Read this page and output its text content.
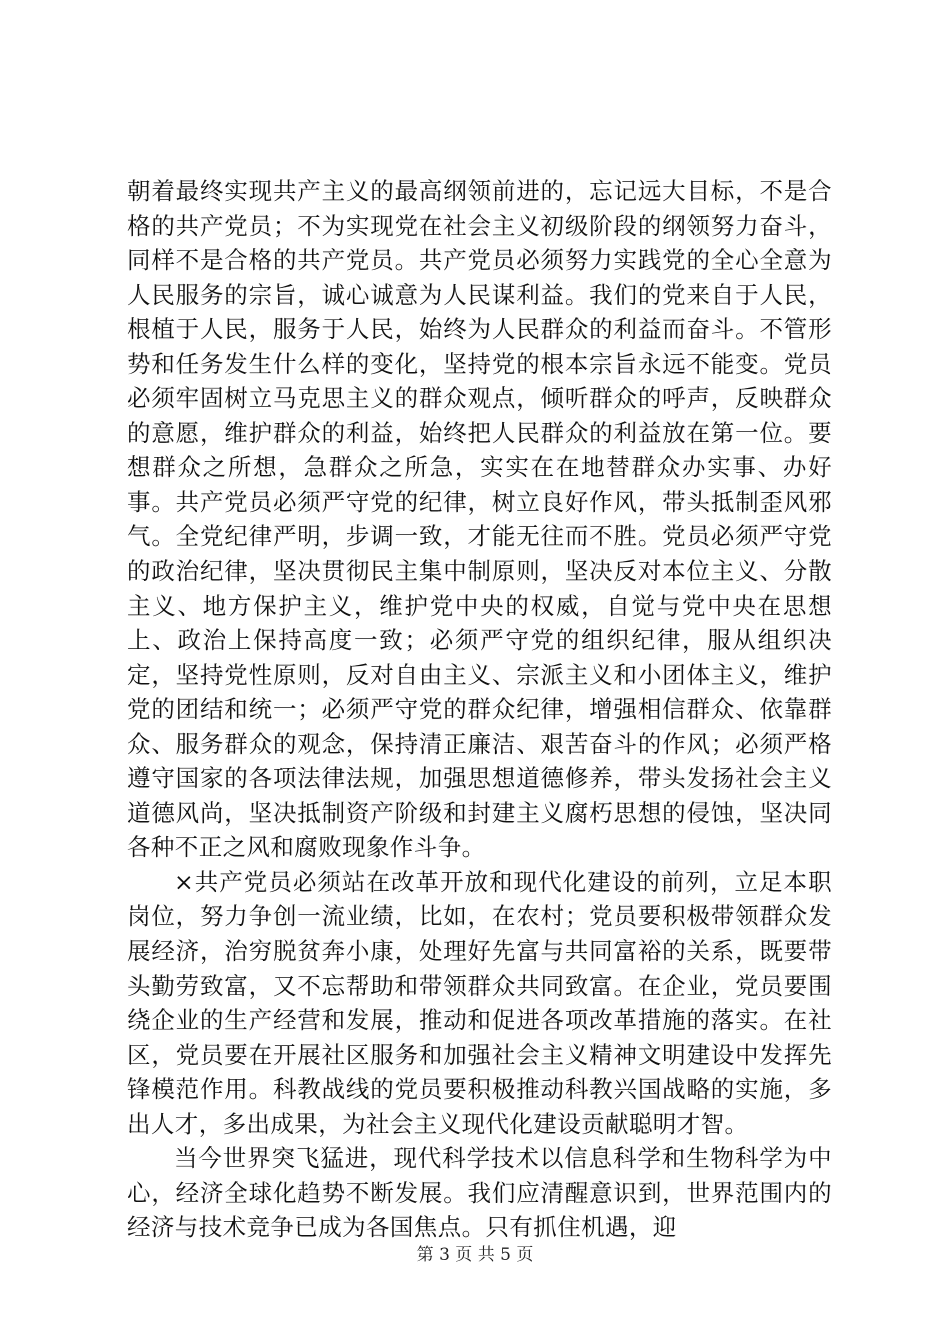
朝着最终实现共产主义的最高纲领前进的，忘记远大目标，不是合格的共产党员；不为实现党在社会主义初级阶段的纲领努力奋斗，同样不是合格的共产党员。共产党员必须努力实践党的全心全意为人民服务的宗旨，诚心诚意为人民谋利益。我们的党来自于人民，根植于人民，服务于人民，始终为人民群众的利益而奋斗。不管形势和任务发生什么样的变化，坚持党的根本宗旨永远不能变。党员必须牢固树立马克思主义的群众观点，倾听群众的呼声，反映群众的意愿，维护群众的利益，始终把人民群众的利益放在第一位。要想群众之所想，急群众之所急，实实在在地替群众办实事、办好事。共产党员必须严守党的纪律，树立良好作风，带头抵制歪风邪气。全党纪律严明，步调一致，才能无往而不胜。党员必须严守党的政治纪律，坚决贯彻民主集中制原则，坚决反对本位主义、分散主义、地方保护主义，维护党中央的权威，自觉与党中央在思想上、政治上保持高度一致；必须严守党的组织纪律，服从组织决定，坚持党性原则，反对自由主义、宗派主义和小团体主义，维护党的团结和统一；必须严守党的群众纪律，增强相信群众、依靠群众、服务群众的观念，保持清正廉洁、艰苦奋斗的作风；必须严格遵守国家的各项法律法规，加强思想道德修养，带头发扬社会主义道德风尚，坚决抵制资产阶级和封建主义腐朽思想的侵蚀，坚决同各种不正之风和腐败现象作斗争。

×共产党员必须站在改革开放和现代化建设的前列，立足本职岗位，努力争创一流业绩，比如，在农村；党员要积极带领群众发展经济，治穷脱贫奔小康，处理好先富与共同富裕的关系，既要带头勤劳致富，又不忘帮助和带领群众共同致富。在企业，党员要围绕企业的生产经营和发展，推动和促进各项改革措施的落实。在社区，党员要在开展社区服务和加强社会主义精神文明建设中发挥先锋模范作用。科教战线的党员要积极推动科教兴国战略的实施，多出人才，多出成果，为社会主义现代化建设贡献聪明才智。

当今世界突飞猛进，现代科学技术以信息科学和生物科学为中心，经济全球化趋势不断发展。我们应清醒意识到，世界范围内的经济与技术竞争已成为各国焦点。只有抓住机遇，迎

第 3 页 共 5 页
